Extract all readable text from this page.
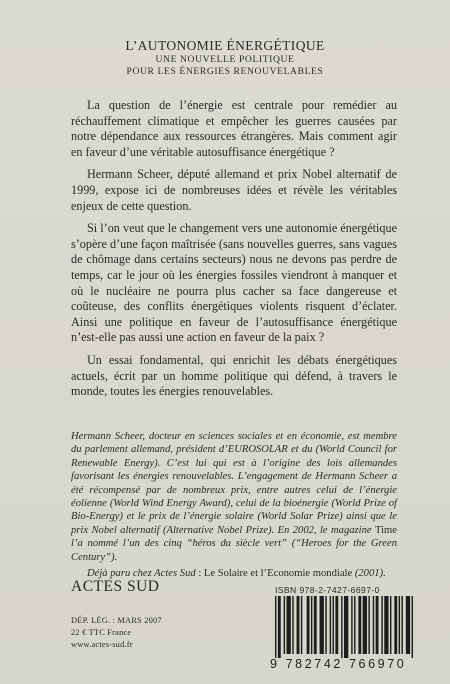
L’AUTONOMIE ÉNERGÉTIQUE
UNE NOUVELLE POLITIQUE
POUR LES ÉNERGIES RENOUVELABLES

La question de l’énergie est centrale pour remédier au réchauffement climatique et empêcher les guerres causées par notre dépendance aux ressources étrangères. Mais comment agir en faveur d’une véritable autosuffisance énergétique ?

Hermann Scheer, député allemand et prix Nobel alternatif de 1999, expose ici de nombreuses idées et révèle les véritables enjeux de cette question.

Si l’on veut que le changement vers une autonomie énergétique s’opère d’une façon maîtrisée (sans nouvelles guerres, sans vagues de chômage dans certains secteurs) nous ne devons pas perdre de temps, car le jour où les énergies fossiles viendront à manquer et où le nucléaire ne pourra plus cacher sa face dangereuse et coûteuse, des conflits énergétiques violents risquent d’éclater. Ainsi une politique en faveur de l’autosuffisance énergétique n’est-elle pas aussi une action en faveur de la paix ?

Un essai fondamental, qui enrichit les débats énergétiques actuels, écrit par un homme politique qui défend, à travers le monde, toutes les énergies renouvelables.

Hermann Scheer, docteur en sciences sociales et en économie, est membre du parlement allemand, président d’EUROSOLAR et du (World Council for Renewable Energy). C’est lui qui est à l’origine des lois allemandes favorisant les énergies renouvelables. L’engagement de Hermann Scheer a été récompensé par de nombreux prix, entre autres celui de l’énergie éolienne (World Wind Energy Award), celui de la bioénergie (World Prize of Bio-Energy) et le prix de l’énergie solaire (World Solar Prize) ainsi que le prix Nobel alternatif (Alternative Nobel Prize). En 2002, le magazine Time l’a nommé l’un des cinq “héros du siècle vert” (“Heroes for the Green Century”).

Déjà paru chez Actes Sud : Le Solaire et l’Economie mondiale (2001).

ACTES SUD
DÉP. LÉG. : MARS 2007
22 € TTC France
www.actes-sud.fr
ISBN 978-2-7427-6697-0
9 782742 766970
